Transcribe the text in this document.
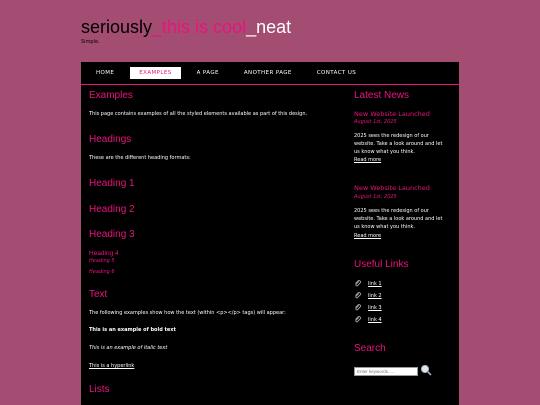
seriously_this is cool_neat
Simple.
HOME	EXAMPLES	A PAGE	ANOTHER PAGE	CONTACT US
Examples
This page contains examples of all the styled elements available as part of this design.
Headings
These are the different heading formats:
Heading 1
Heading 2
Heading 3
Heading 4
Heading 5
Heading 6
Text
The following examples show how the text (within <p></p> tags) will appear:
This is an example of bold text
This is an example of italic text
This is a hyperlink
Lists
Latest News
New Website Launched
August 1st, 2025
2025 sees the redesign of our
website. Take a look around and let
us know what you think.
Read more
New Website Launched
August 1st, 2025
2025 sees the redesign of our
website. Take a look around and let
us know what you think.
Read more
Useful Links
link 1
link 2
link 3
link 4
Search
Enter keywords.....
